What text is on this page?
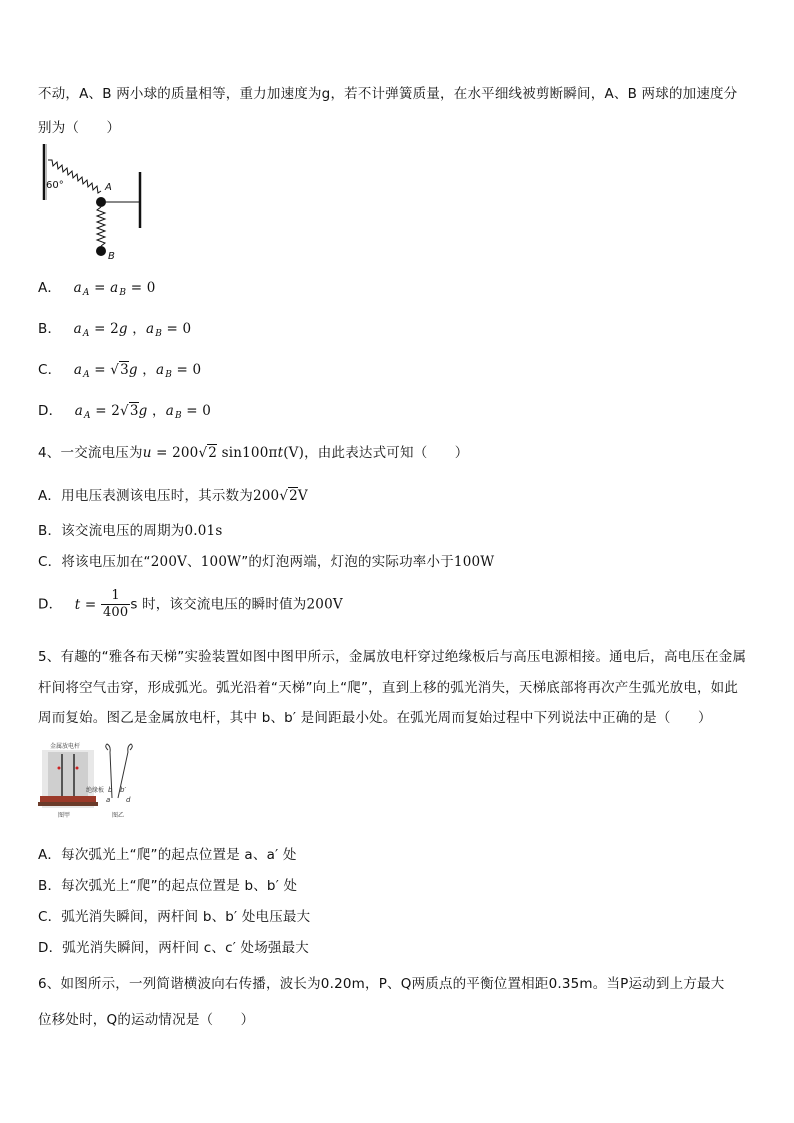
不动，A、B 两小球的质量相等，重力加速度为g，若不计弹簧质量，在水平细线被剪断瞬间，A、B 两球的加速度分
别为（　　）
60°	A
B
A． $a_A = a_B = 0$
B． $a_A = 2g$ ，$a_B = 0$
C． $a_A = √3g$ ，$a_B = 0$
D． $a_A = 2√3g$ ，$a_B = 0$
4、一交流电压为u = 200√2 sin100πt(V)，由此表达式可知（　　）
A．用电压表测该电压时，其示数为200√2V
B．该交流电压的周期为0.01s
C．将该电压加在“200V、100W”的灯泡两端，灯泡的实际功率小于100W
D． $t = \frac{1}{400}$ s 时，该交流电压的瞬时值为200V
5、有趣的“雅各布天梯”实验装置如图中图甲所示，金属放电杆穿过绝缘板后与高压电源相接。通电后，高电压在金属
杆间将空气击穿，形成弧光。弧光沿着“天梯”向上“爬”，直到上移的弧光消失，天梯底部将再次产生弧光放电，如此
周而复始。图乙是金属放电杆，其中 b、b′ 是间距最小处。在弧光周而复始过程中下列说法中正确的是（　　）
金属放电杆
图甲
绝缘板
a
b b′
d
图乙
A．每次弧光上“爬”的起点位置是 a、a′ 处
B．每次弧光上“爬”的起点位置是 b、b′ 处
C．弧光消失瞬间，两杆间 b、b′ 处电压最大
D．弧光消失瞬间，两杆间 c、c′ 处场强最大
6、如图所示，一列简谐横波向右传播，波长为0.20m，P、Q两质点的平衡位置相距0.35m。当P运动到上方最大
位移处时，Q的运动情况是（　　）
